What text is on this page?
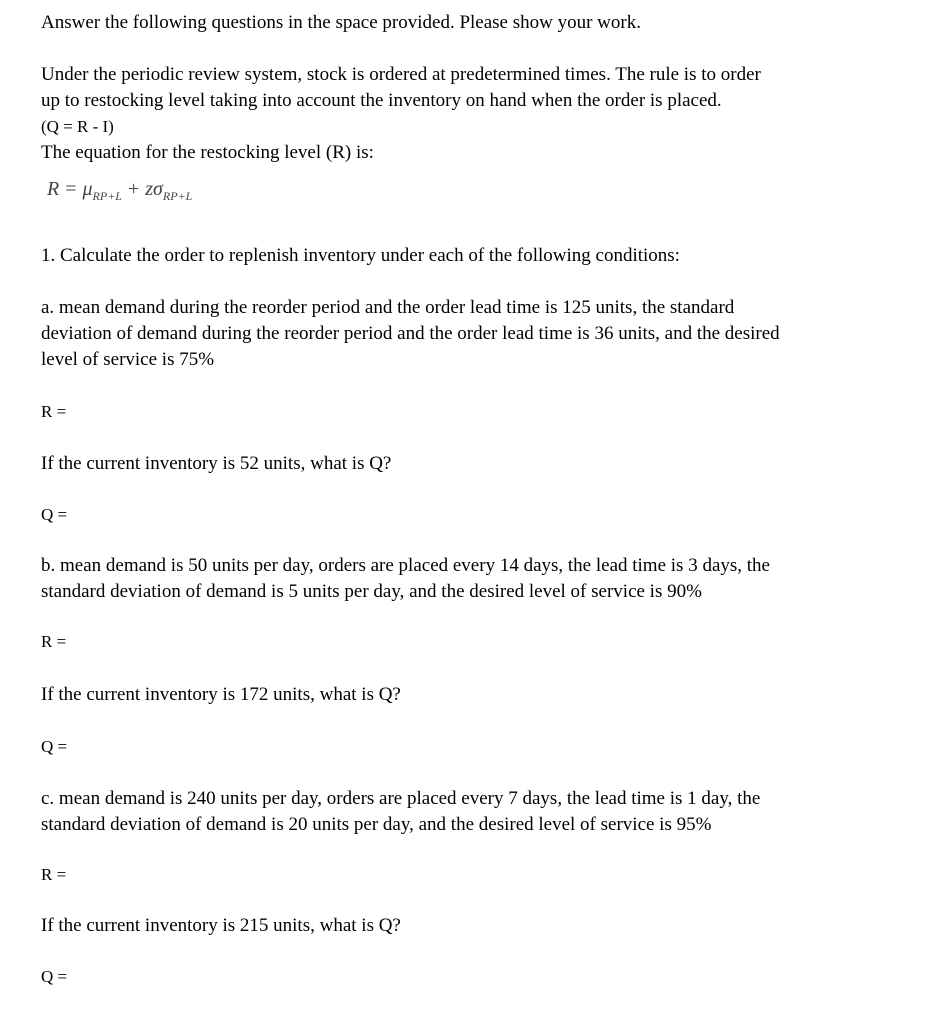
Answer the following questions in the space provided. Please show your work.

Under the periodic review system, stock is ordered at predetermined times. The rule is to order

up to restocking level taking into account the inventory on hand when the order is placed.

(Q = R - I)

The equation for the restocking level (R) is:

$R = \mu_{RP+L} + z\sigma_{RP+L}$

1. Calculate the order to replenish inventory under each of the following conditions:

a. mean demand during the reorder period and the order lead time is 125 units, the standard

deviation of demand during the reorder period and the order lead time is 36 units, and the desired

level of service is 75%

R =

If the current inventory is 52 units, what is Q?

Q =

b. mean demand is 50 units per day, orders are placed every 14 days, the lead time is 3 days, the

standard deviation of demand is 5 units per day, and the desired level of service is 90%

R =

If the current inventory is 172 units, what is Q?

Q =

c. mean demand is 240 units per day, orders are placed every 7 days, the lead time is 1 day, the

standard deviation of demand is 20 units per day, and the desired level of service is 95%

R =

If the current inventory is 215 units, what is Q?

Q =
